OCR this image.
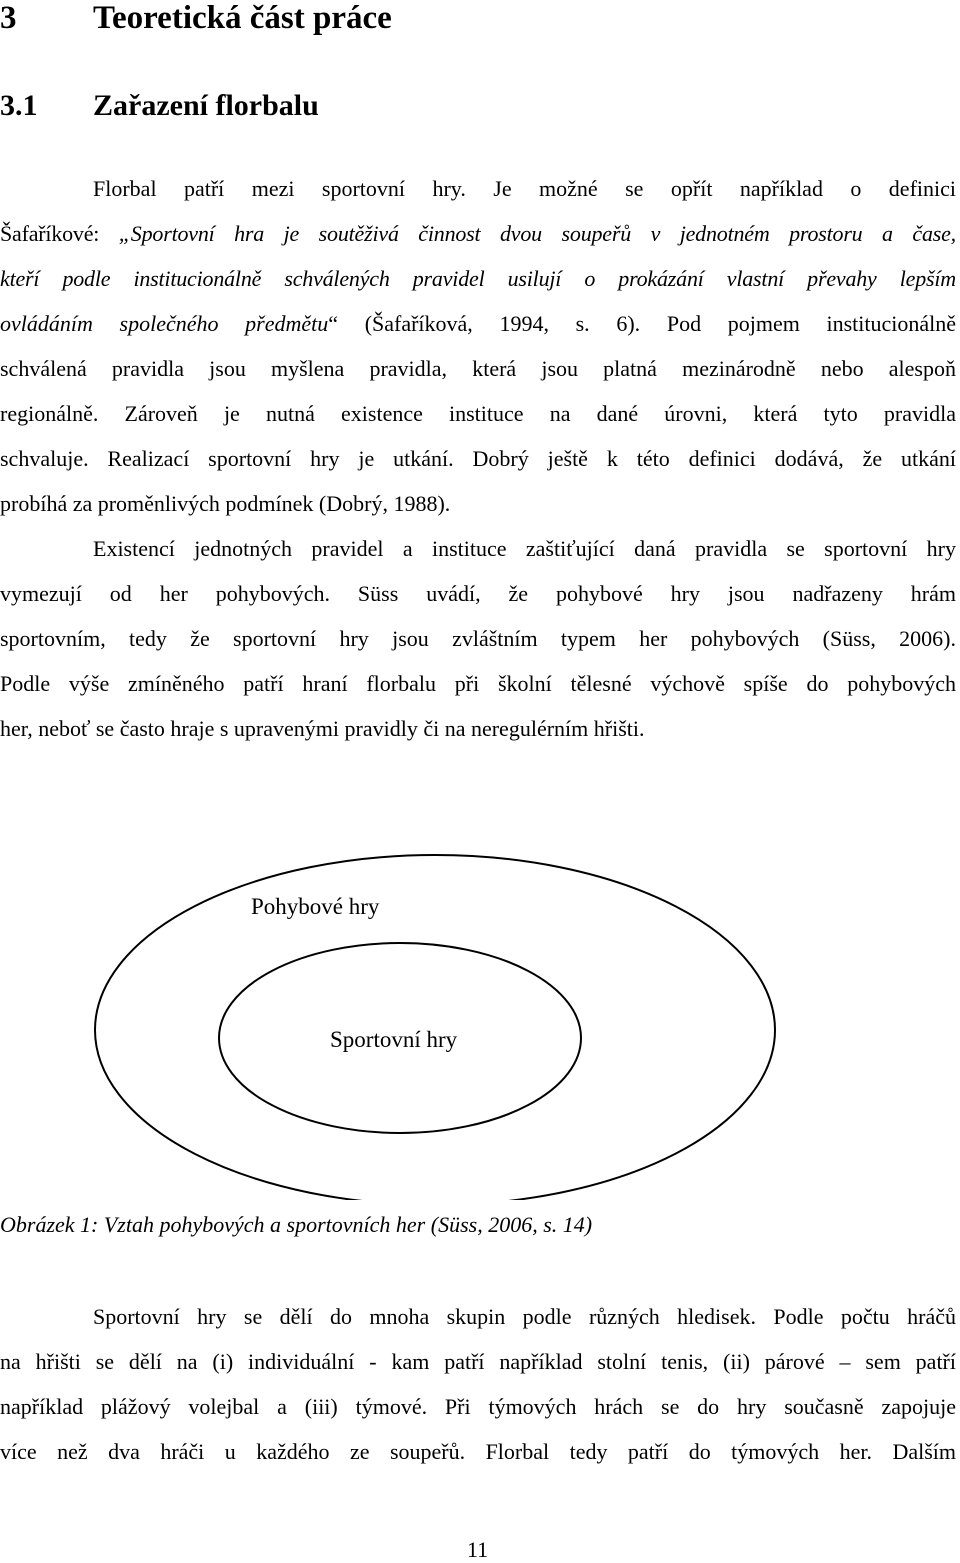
3 Teoretická část práce
3.1 Zařazení florbalu
Florbal patří mezi sportovní hry. Je možné se opřít například o definici
Šafaříkové: „Sportovní hra je soutěživá činnost dvou soupeřů v jednotném prostoru a čase,
kteří podle institucionálně schválených pravidel usilují o prokázání vlastní převahy lepším
ovládáním společného předmětu“ (Šafaříková, 1994, s. 6). Pod pojmem institucionálně
schválená pravidla jsou myšlena pravidla, která jsou platná mezinárodně nebo alespoň
regionálně. Zároveň je nutná existence instituce na dané úrovni, která tyto pravidla
schvaluje. Realizací sportovní hry je utkání. Dobrý ještě k této definici dodává, že utkání
probíhá za proměnlivých podmínek (Dobrý, 1988).
Existencí jednotných pravidel a instituce zaštiťující daná pravidla se sportovní hry
vymezují od her pohybových. Süss uvádí, že pohybové hry jsou nadřazeny hrám
sportovním, tedy že sportovní hry jsou zvláštním typem her pohybových (Süss, 2006).
Podle výše zmíněného patří hraní florbalu při školní tělesné výchově spíše do pohybových
her, neboť se často hraje s upravenými pravidly či na neregulérním hřišti.
Pohybové hry
Sportovní hry
Obrázek 1: Vztah pohybových a sportovních her (Süss, 2006, s. 14)
Sportovní hry se dělí do mnoha skupin podle různých hledisek. Podle počtu hráčů
na hřišti se dělí na (i) individuální - kam patří například stolní tenis, (ii) párové – sem patří
například plážový volejbal a (iii) týmové. Při týmových hrách se do hry současně zapojuje
více než dva hráči u každého ze soupeřů. Florbal tedy patří do týmových her. Dalším
11
